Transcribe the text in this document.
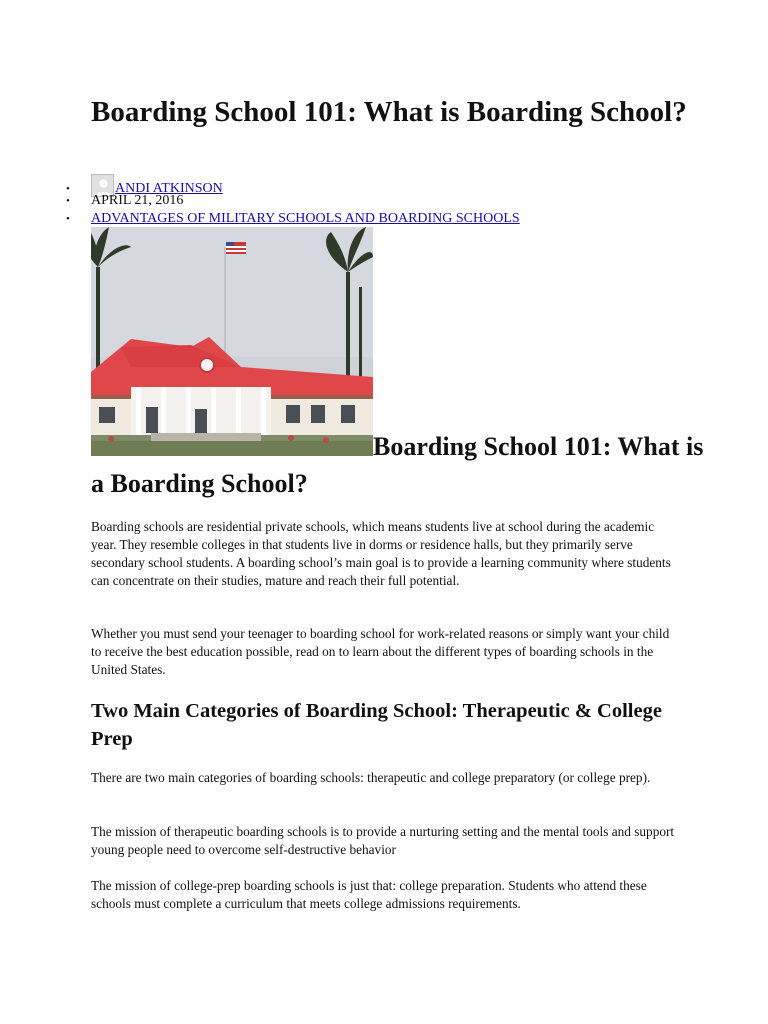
Boarding School 101: What is Boarding School?
•	ANDI ATKINSON
• APRIL 21, 2016
• ADVANTAGES OF MILITARY SCHOOLS AND BOARDING SCHOOLS
Boarding School 101: What is a Boarding School?

Boarding schools are residential private schools, which means students live at school during the academic year. They resemble colleges in that students live in dorms or residence halls, but they primarily serve secondary school students. A boarding school’s main goal is to provide a learning community where students can concentrate on their studies, mature and reach their full potential.

Whether you must send your teenager to boarding school for work-related reasons or simply want your child to receive the best education possible, read on to learn about the different types of boarding schools in the United States.

Two Main Categories of Boarding School: Therapeutic & College Prep

There are two main categories of boarding schools: therapeutic and college preparatory (or college prep).

The mission of therapeutic boarding schools is to provide a nurturing setting and the mental tools and support young people need to overcome self-destructive behavior

The mission of college-prep boarding schools is just that: college preparation. Students who attend these schools must complete a curriculum that meets college admissions requirements.
